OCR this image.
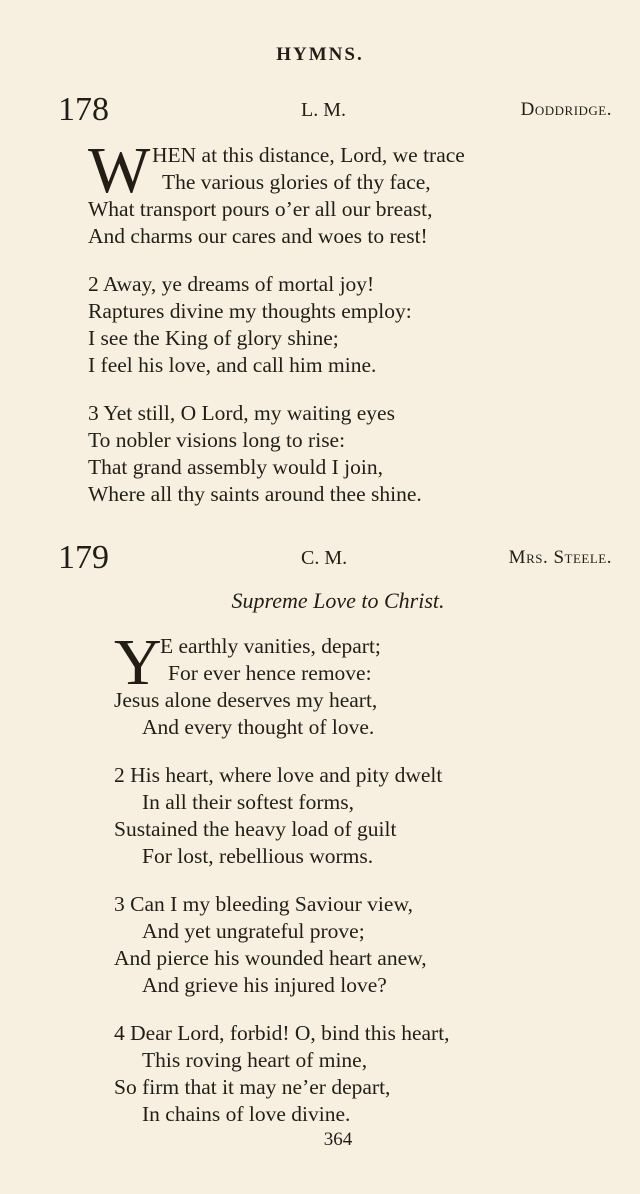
HYMNS.
178	L. M.	Doddridge.
W HEN at this distance, Lord, we trace
The various glories of thy face,
What transport pours o’er all our breast,
And charms our cares and woes to rest!
2 Away, ye dreams of mortal joy!
Raptures divine my thoughts employ:
I see the King of glory shine;
I feel his love, and call him mine.
3 Yet still, O Lord, my waiting eyes
To nobler visions long to rise:
That grand assembly would I join,
Where all thy saints around thee shine.
179	C. M.	Mrs. Steele.
Supreme Love to Christ.
Y
E earthly vanities, depart;
For ever hence remove:
Jesus alone deserves my heart,
And every thought of love.
2 His heart, where love and pity dwelt
In all their softest forms,
Sustained the heavy load of guilt
For lost, rebellious worms.
3 Can I my bleeding Saviour view,
And yet ungrateful prove;
And pierce his wounded heart anew,
And grieve his injured love?
4 Dear Lord, forbid! O, bind this heart,
This roving heart of mine,
So firm that it may ne’er depart,
In chains of love divine.
364
